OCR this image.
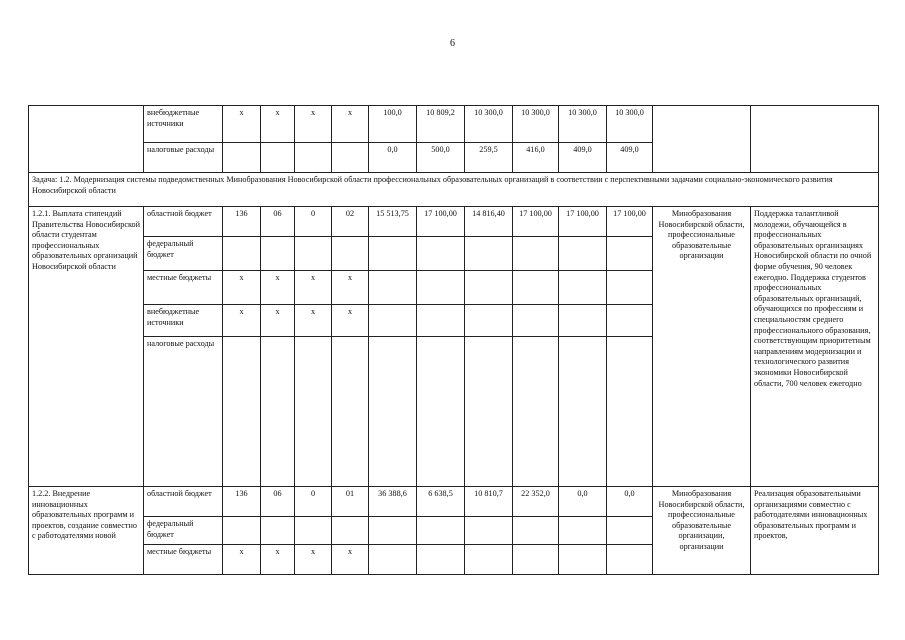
6
	внебюджетные источники	х	х	х	х	100,0	10 809,2	10 300,0	10 300,0	10 300,0	10 300,0		
	налоговые расходы					0,0	500,0	259,5	416,0	409,0	409,0		
Задача: 1.2. Модернизация системы подведомственных Минобразования Новосибирской области профессиональных образовательных организаций в соответствии с перспективными задачами социально-экономического развития Новосибирской области													
1.2.1. Выплата стипендий Правительства Новосибирской области студентам профессиональных образовательных организаций Новосибирской области	областной бюджет	136	06	0	02	15 513,75	17 100,00	14 816,40	17 100,00	17 100,00	17 100,00	Минобразования Новосибирской области, профессиональные образовательные организации	Поддержка талантливой молодежи, обучающейся в профессиональных образовательных организациях Новосибирской области по очной форме обучения, 90 человек ежегодно. Поддержка студентов профессиональных образовательных организаций, обучающихся по профессиям и специальностям среднего профессионального образования, соответствующим приоритетным направлениям модернизации и технологического развития экономики Новосибирской области, 700 человек ежегодно
	федеральный бюджет												
	местные бюджеты	х	х	х	х								
	внебюджетные источники	х	х	х	х								
	налоговые расходы												
1.2.2. Внедрение инновационных образовательных программ и проектов, создание совместно с работодателями новой	областной бюджет	136	06	0	01	36 388,6	6 638,5	10 810,7	22 352,0	0,0	0,0	Минобразования Новосибирской области, профессиональные образовательные организации, организации	Реализация образовательными организациями совместно с работодателями инновационных образовательных программ и проектов,
	федеральный бюджет												
	местные бюджеты	х	х	х	х								
